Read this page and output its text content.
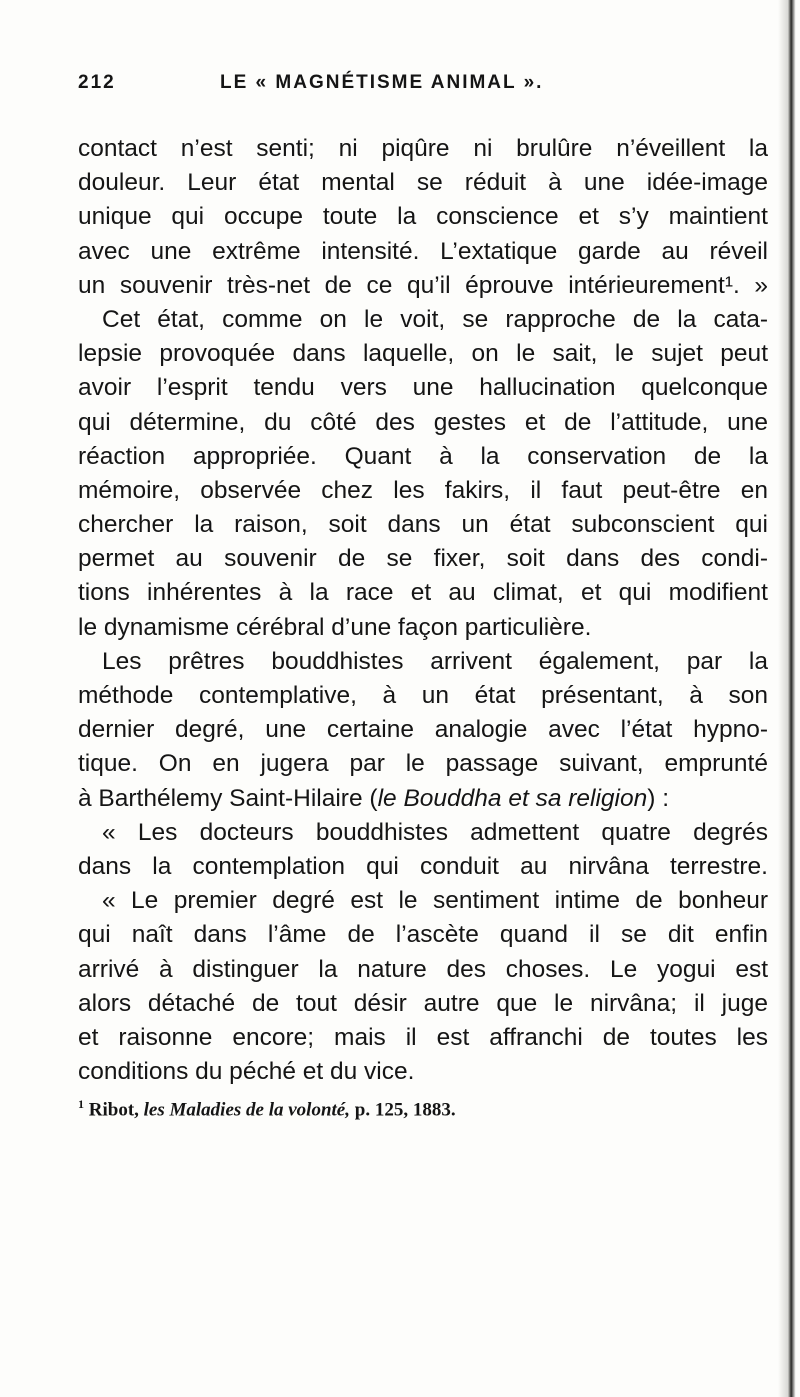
212	LE « MAGNÉTISME ANIMAL ».
contact n’est senti; ni piqûre ni brulûre n’éveillent la
douleur. Leur état mental se réduit à une idée-image
unique qui occupe toute la conscience et s’y maintient
avec une extrême intensité. L’extatique garde au réveil
un souvenir très-net de ce qu’il éprouve intérieurement¹. »
Cet état, comme on le voit, se rapproche de la cata-
lepsie provoquée dans laquelle, on le sait, le sujet peut
avoir l’esprit tendu vers une hallucination quelconque
qui détermine, du côté des gestes et de l’attitude, une
réaction appropriée. Quant à la conservation de la
mémoire, observée chez les fakirs, il faut peut-être en
chercher la raison, soit dans un état subconscient qui
permet au souvenir de se fixer, soit dans des condi-
tions inhérentes à la race et au climat, et qui modifient
le dynamisme cérébral d’une façon particulière.
Les prêtres bouddhistes arrivent également, par la
méthode contemplative, à un état présentant, à son
dernier degré, une certaine analogie avec l’état hypno-
tique. On en jugera par le passage suivant, emprunté
à Barthélemy Saint-Hilaire (le Bouddha et sa religion) :
« Les docteurs bouddhistes admettent quatre degrés
dans la contemplation qui conduit au nirvâna terrestre.
« Le premier degré est le sentiment intime de bonheur
qui naît dans l’âme de l’ascète quand il se dit enfin
arrivé à distinguer la nature des choses. Le yogui est
alors détaché de tout désir autre que le nirvâna; il juge
et raisonne encore; mais il est affranchi de toutes les
conditions du péché et du vice.
$^1$ Ribot, les Maladies de la volonté, p. 125, 1883.
